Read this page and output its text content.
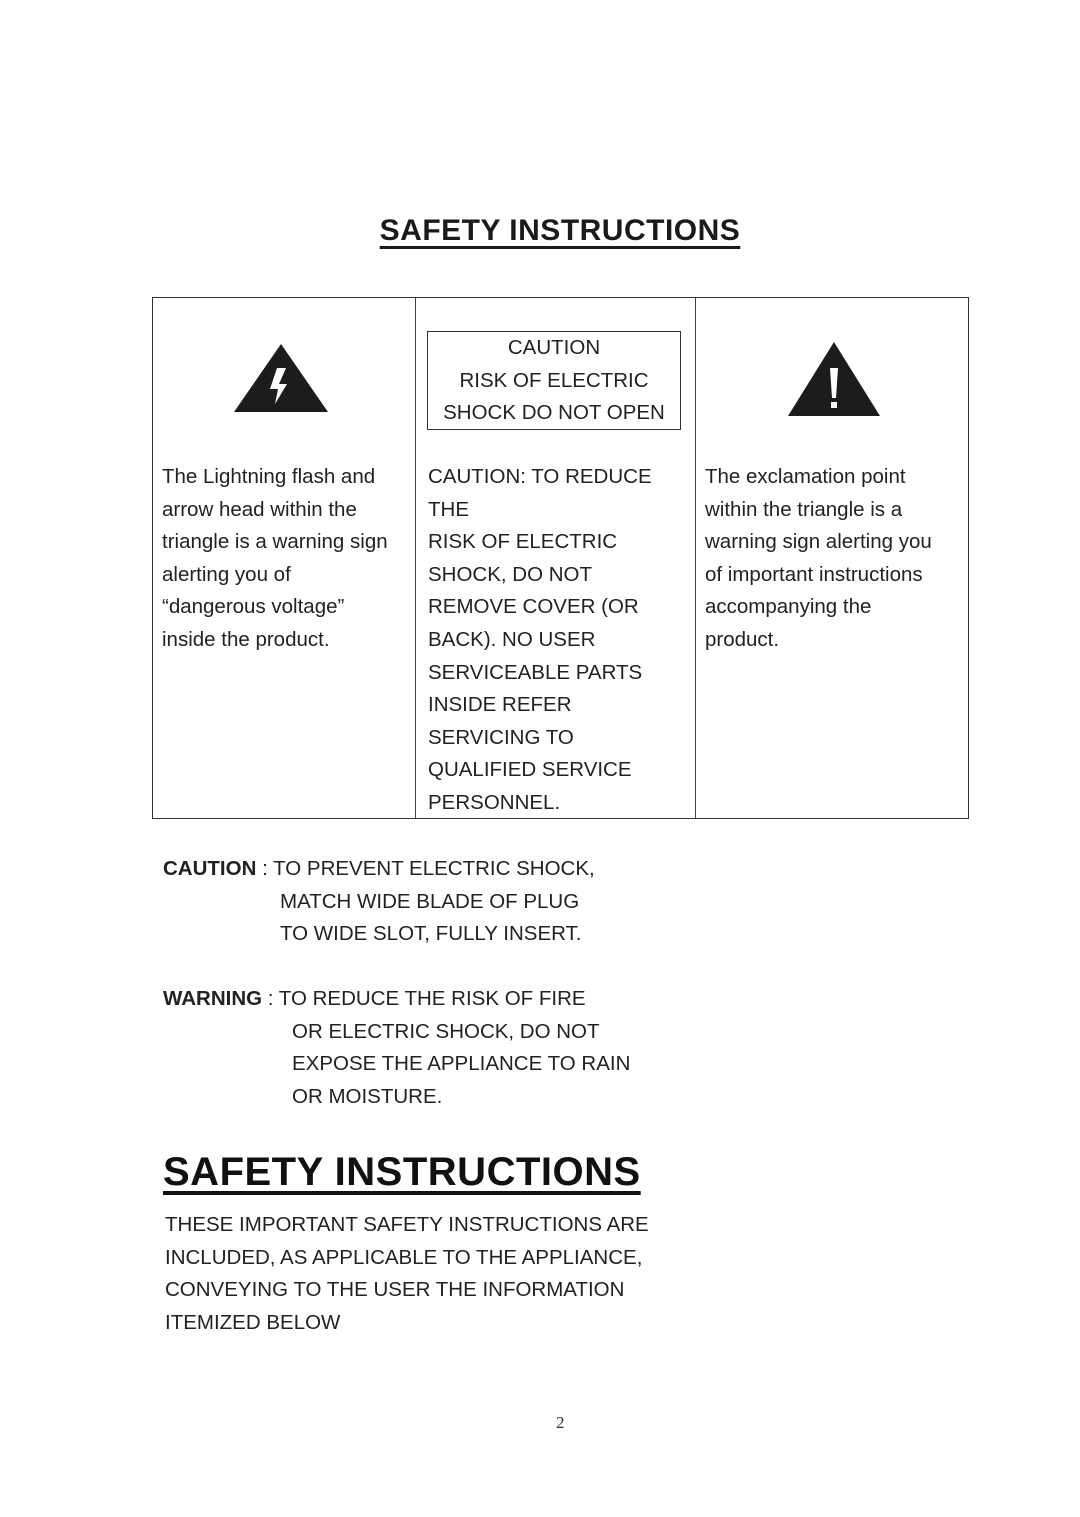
SAFETY INSTRUCTIONS
The Lightning flash and
arrow head within the
triangle is a warning sign
alerting you of
“dangerous voltage”
inside the product.
CAUTION: TO REDUCE
THE
RISK OF ELECTRIC
SHOCK, DO NOT
REMOVE COVER (OR
BACK). NO USER
SERVICEABLE PARTS
INSIDE REFER
SERVICING TO
QUALIFIED SERVICE
PERSONNEL.
The exclamation point
within the triangle is a
warning sign alerting you
of important instructions
accompanying the
product.
CAUTION
RISK OF ELECTRIC
SHOCK DO NOT OPEN
CAUTION : TO PREVENT ELECTRIC SHOCK,
MATCH WIDE BLADE OF PLUG
TO WIDE SLOT, FULLY INSERT.
WARNING : TO REDUCE THE RISK OF FIRE
OR ELECTRIC SHOCK, DO NOT
EXPOSE THE APPLIANCE TO RAIN
OR MOISTURE.
SAFETY INSTRUCTIONS
THESE IMPORTANT SAFETY INSTRUCTIONS ARE
INCLUDED, AS APPLICABLE TO THE APPLIANCE,
CONVEYING TO THE USER THE INFORMATION
ITEMIZED BELOW
2
